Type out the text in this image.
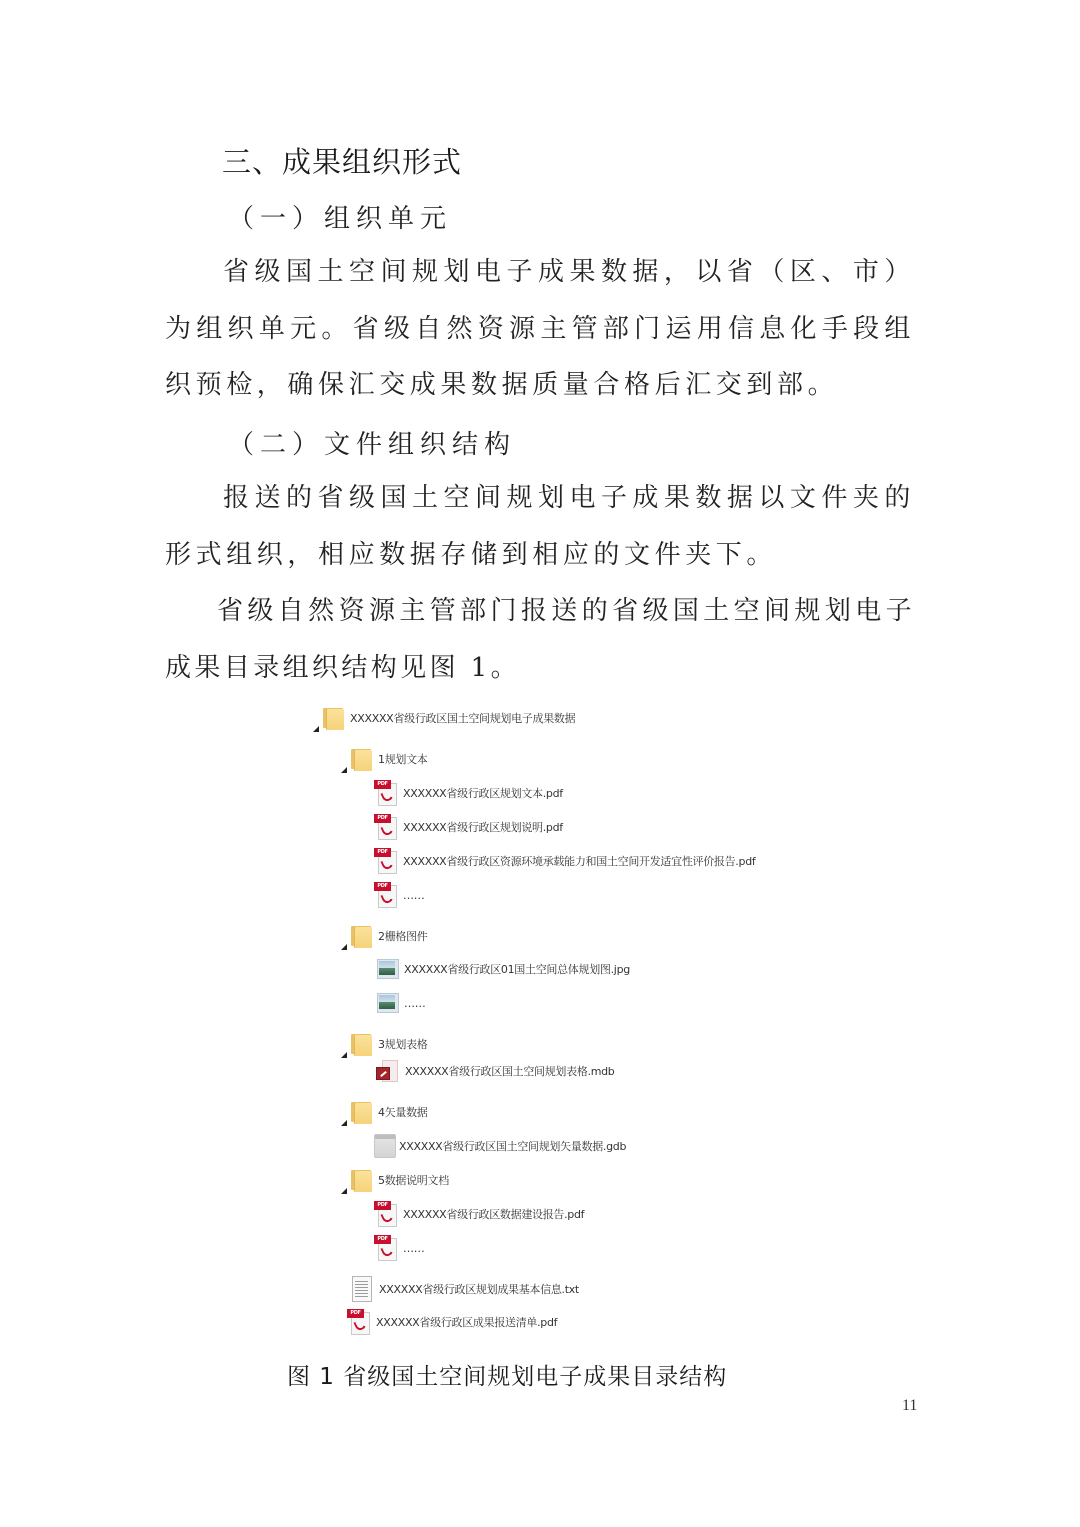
三、成果组织形式
（一）组织单元

省级国土空间规划电子成果数据，以省（区、市）为组织单元。省级自然资源主管部门运用信息化手段组织预检，确保汇交成果数据质量合格后汇交到部。

（二）文件组织结构

报送的省级国土空间规划电子成果数据以文件夹的形式组织，相应数据存储到相应的文件夹下。

省级自然资源主管部门报送的省级国土空间规划电子成果目录组织结构见图 1。

XXXXXX省级行政区国土空间规划电子成果数据
1规划文本
PDF
XXXXXX省级行政区规划文本.pdf
PDF
XXXXXX省级行政区规划说明.pdf
PDF
XXXXXX省级行政区资源环境承载能力和国土空间开发适宜性评价报告.pdf
PDF
……
2栅格图件
XXXXXX省级行政区01国土空间总体规划图.jpg
……
3规划表格
XXXXXX省级行政区国土空间规划表格.mdb
4矢量数据
XXXXXX省级行政区国土空间规划矢量数据.gdb
5数据说明文档
PDF
XXXXXX省级行政区数据建设报告.pdf
PDF
……
XXXXXX省级行政区规划成果基本信息.txt
PDF
XXXXXX省级行政区成果报送清单.pdf
图 1 省级国土空间规划电子成果目录结构
11
